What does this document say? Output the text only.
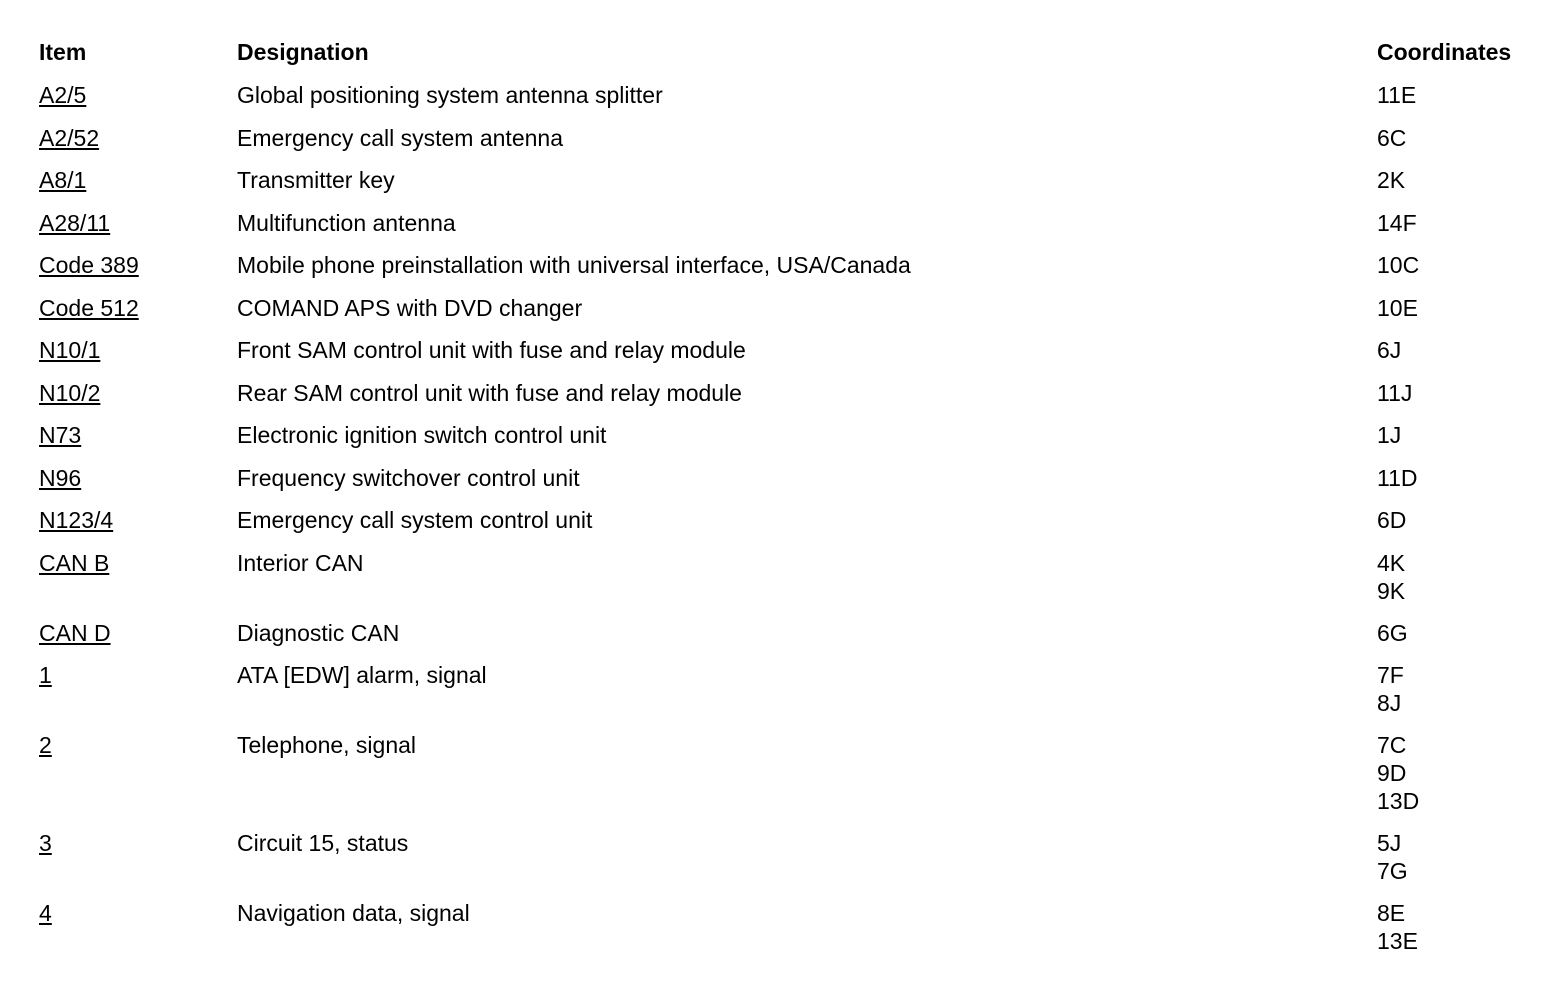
Item	Designation	Coordinates
A2/5	Global positioning system antenna splitter	11E
A2/52	Emergency call system antenna	6C
A8/1	Transmitter key	2K
A28/11	Multifunction antenna	14F
Code 389	Mobile phone preinstallation with universal interface, USA/Canada	10C
Code 512	COMAND APS with DVD changer	10E
N10/1	Front SAM control unit with fuse and relay module	6J
N10/2	Rear SAM control unit with fuse and relay module	11J
N73	Electronic ignition switch control unit	1J
N96	Frequency switchover control unit	11D
N123/4	Emergency call system control unit	6D
CAN B	Interior CAN	4K
9K
CAN D	Diagnostic CAN	6G
1	ATA [EDW] alarm, signal	7F
8J
2	Telephone, signal	7C
9D
13D
3	Circuit 15, status	5J
7G
4	Navigation data, signal	8E
13E
